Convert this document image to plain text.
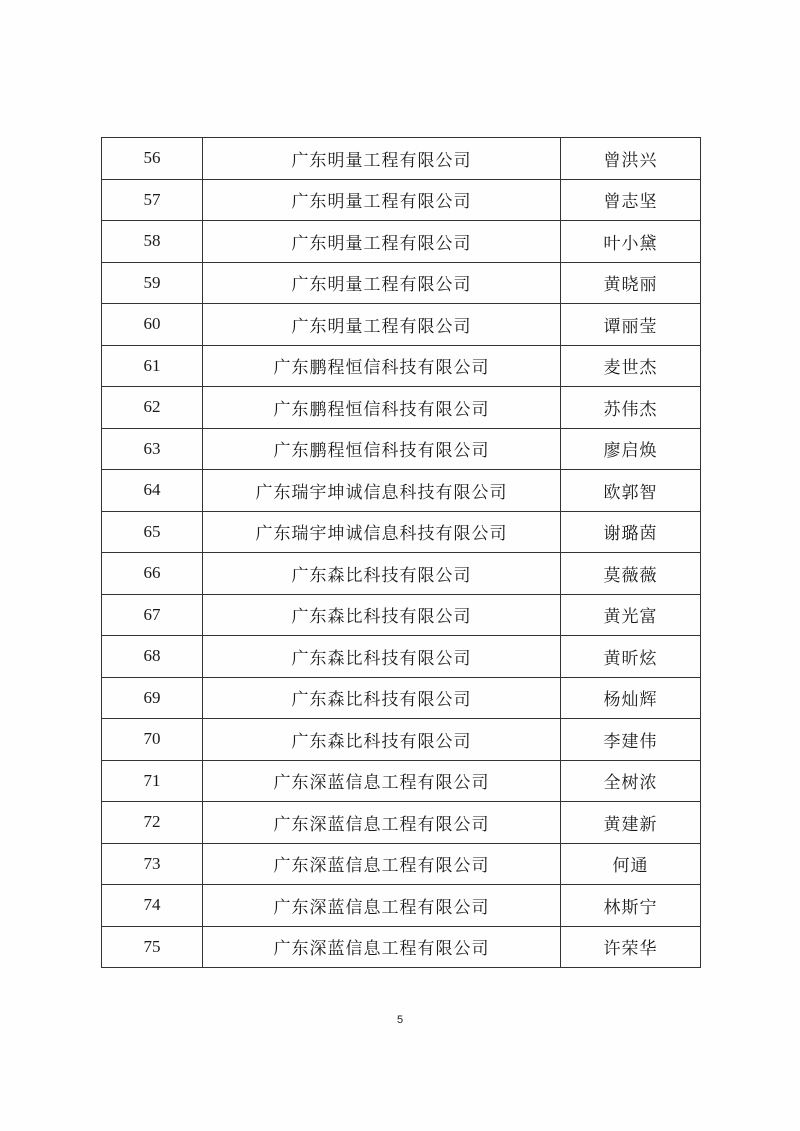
56	广东明量工程有限公司	曾洪兴
57	广东明量工程有限公司	曾志坚
58	广东明量工程有限公司	叶小黛
59	广东明量工程有限公司	黄晓丽
60	广东明量工程有限公司	谭丽莹
61	广东鹏程恒信科技有限公司	麦世杰
62	广东鹏程恒信科技有限公司	苏伟杰
63	广东鹏程恒信科技有限公司	廖启焕
64	广东瑞宇坤诚信息科技有限公司	欧郭智
65	广东瑞宇坤诚信息科技有限公司	谢璐茵
66	广东森比科技有限公司	莫薇薇
67	广东森比科技有限公司	黄光富
68	广东森比科技有限公司	黄昕炫
69	广东森比科技有限公司	杨灿辉
70	广东森比科技有限公司	李建伟
71	广东深蓝信息工程有限公司	全树浓
72	广东深蓝信息工程有限公司	黄建新
73	广东深蓝信息工程有限公司	何通
74	广东深蓝信息工程有限公司	林斯宁
75	广东深蓝信息工程有限公司	许荣华
5
